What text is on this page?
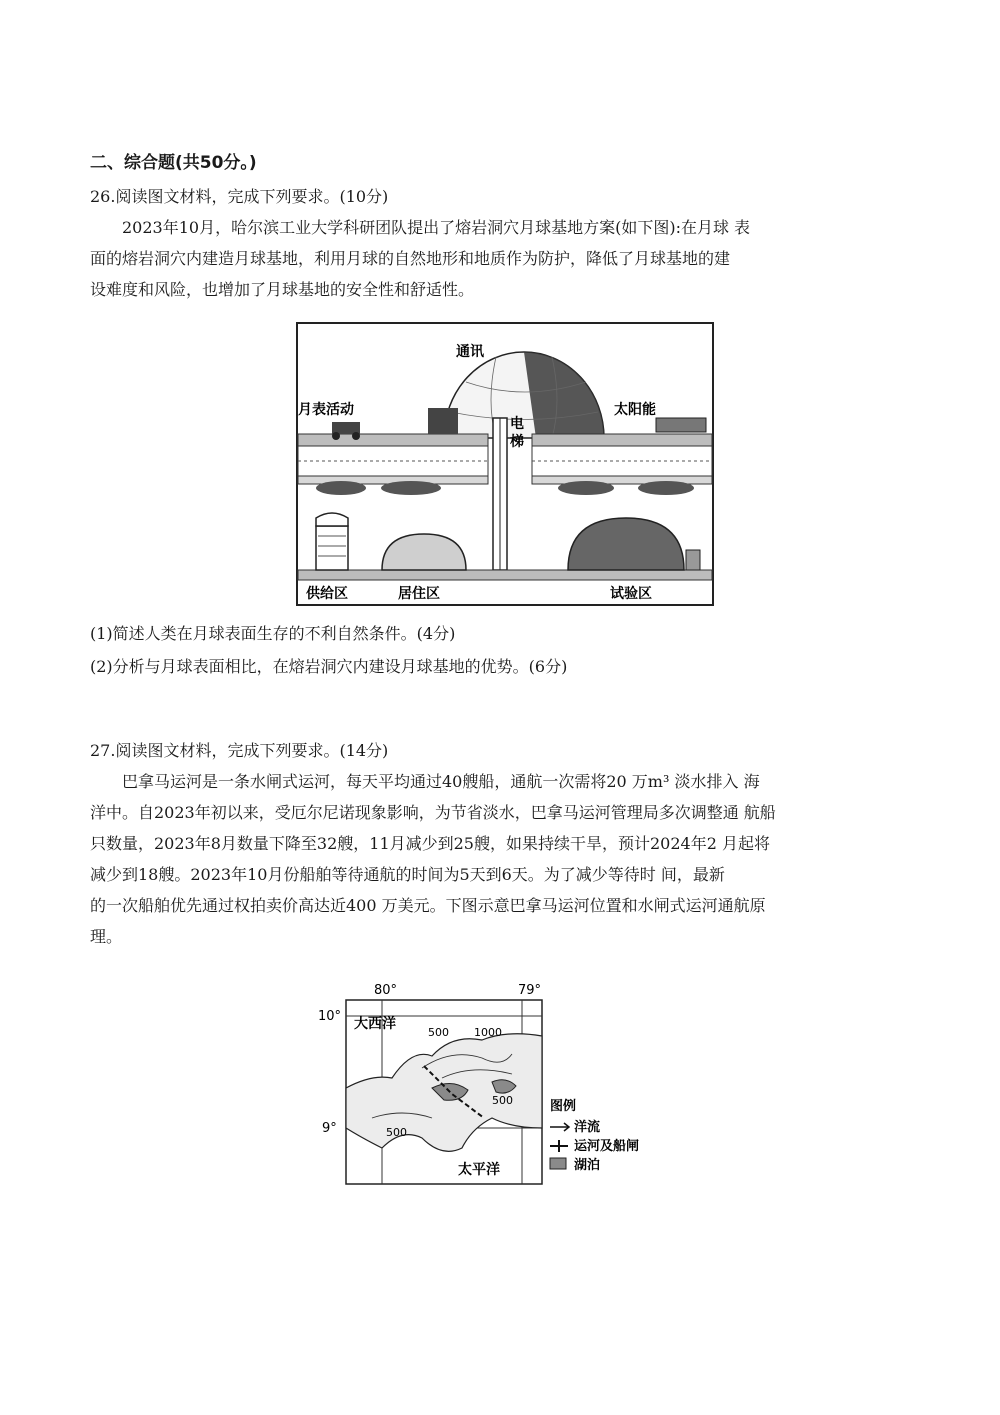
二、综合题(共50分。)
26.阅读图文材料，完成下列要求。(10分)

2023年10月，哈尔滨工业大学科研团队提出了熔岩洞穴月球基地方案(如下图):在月球 表

面的熔岩洞穴内建造月球基地，利用月球的自然地形和地质作为防护，降低了月球基地的建

设难度和风险，也增加了月球基地的安全性和舒适性。

通讯
月表活动	太阳能
电
梯
供给区	居住区	试验区
(1)简述人类在月球表面生存的不利自然条件。(4分)
(2)分析与月球表面相比，在熔岩洞穴内建设月球基地的优势。(6分)
27.阅读图文材料，完成下列要求。(14分)

巴拿马运河是一条水闸式运河，每天平均通过40艘船，通航一次需将20 万m³ 淡水排入 海

洋中。自2023年初以来，受厄尔尼诺现象影响，为节省淡水，巴拿马运河管理局多次调整通 航船

只数量，2023年8月数量下降至32艘，11月减少到25艘，如果持续干旱，预计2024年2 月起将

减少到18艘。2023年10月份船舶等待通航的时间为5天到6天。为了减少等待时 间，最新

的一次船舶优先通过权拍卖价高达近400 万美元。下图示意巴拿马运河位置和水闸式运河通航原

理。

80°	79°
10°
9°
大西洋
太平洋
500 1000
500
500
图例
洋流
运河及船闸
湖泊
